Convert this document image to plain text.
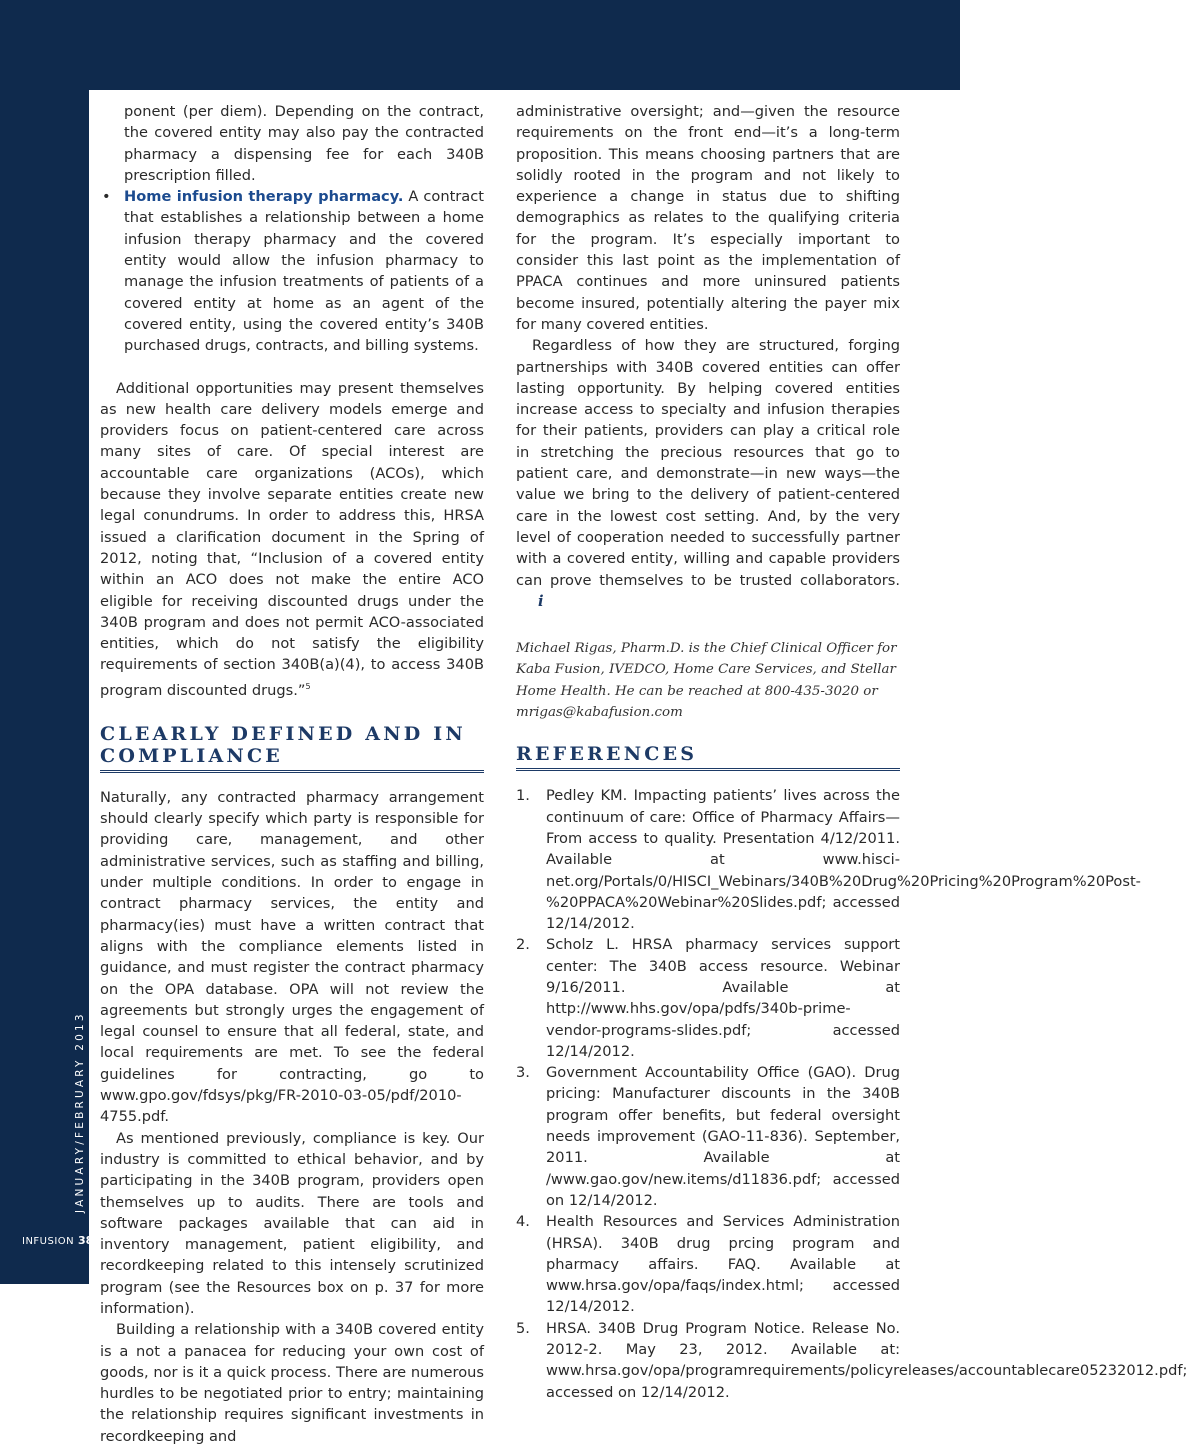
JANUARY/FEBRUARY 2013
INFUSION 38

ponent (per diem). Depending on the contract, the covered entity may also pay the contracted pharmacy a dispensing fee for each 340B prescription filled.

• Home infusion therapy pharmacy. A contract that establishes a relationship between a home infusion therapy pharmacy and the covered entity would allow the infusion pharmacy to manage the infusion treatments of patients of a covered entity at home as an agent of the covered entity, using the covered entity’s 340B purchased drugs, contracts, and billing systems.

Additional opportunities may present themselves as new health care delivery models emerge and providers focus on patient-centered care across many sites of care. Of special interest are accountable care organizations (ACOs), which because they involve separate entities create new legal conundrums. In order to address this, HRSA issued a clarification document in the Spring of 2012, noting that, “Inclusion of a covered entity within an ACO does not make the entire ACO eligible for receiving discounted drugs under the 340B program and does not permit ACO-associated entities, which do not satisfy the eligibility requirements of section 340B(a)(4), to access 340B program discounted drugs.”$^5$

CLEARLY DEFINED AND IN
COMPLIANCE

Naturally, any contracted pharmacy arrangement should clearly specify which party is responsible for providing care, management, and other administrative services, such as staffing and billing, under multiple conditions. In order to engage in contract pharmacy services, the entity and pharmacy(ies) must have a written contract that aligns with the compliance elements listed in guidance, and must register the contract pharmacy on the OPA database. OPA will not review the agreements but strongly urges the engagement of legal counsel to ensure that all federal, state, and local requirements are met. To see the federal guidelines for contracting, go to www.gpo.gov/fdsys/pkg/FR-2010-03-05/pdf/2010-4755.pdf.

As mentioned previously, compliance is key. Our industry is committed to ethical behavior, and by participating in the 340B program, providers open themselves up to audits. There are tools and software packages available that can aid in inventory management, patient eligibility, and recordkeeping related to this intensely scrutinized program (see the Resources box on p. 37 for more information).

Building a relationship with a 340B covered entity is a not a panacea for reducing your own cost of goods, nor is it a quick process. There are numerous hurdles to be negotiated prior to entry; maintaining the relationship requires significant investments in recordkeeping and

administrative oversight; and—given the resource requirements on the front end—it’s a long-term proposition. This means choosing partners that are solidly rooted in the program and not likely to experience a change in status due to shifting demographics as relates to the qualifying criteria for the program. It’s especially important to consider this last point as the implementation of PPACA continues and more uninsured patients become insured, potentially altering the payer mix for many covered entities.

Regardless of how they are structured, forging partnerships with 340B covered entities can offer lasting opportunity. By helping covered entities increase access to specialty and infusion therapies for their patients, providers can play a critical role in stretching the precious resources that go to patient care, and demonstrate—in new ways—the value we bring to the delivery of patient-centered care in the lowest cost setting. And, by the very level of cooperation needed to successfully partner with a covered entity, willing and capable providers can prove themselves to be trusted collaborators.i

Michael Rigas, Pharm.D. is the Chief Clinical Officer for Kaba Fusion, IVEDCO, Home Care Services, and Stellar Home Health. He can be reached at 800-435-3020 or mrigas@kabafusion.com

REFERENCES
1. Pedley KM. Impacting patients’ lives across the continuum of care: Office of Pharmacy Affairs—From access to quality. Presentation 4/12/2011. Available at www.hisci-net.org/Portals/0/HISCI_Webinars/340B%20Drug%20Pricing%20Program%20Post-%20PPACA%20Webinar%20Slides.pdf; accessed 12/14/2012.
2. Scholz L. HRSA pharmacy services support center: The 340B access resource. Webinar 9/16/2011. Available at http://www.hhs.gov/opa/pdfs/340b-prime-vendor-programs-slides.pdf; accessed 12/14/2012.
3. Government Accountability Office (GAO). Drug pricing: Manufacturer discounts in the 340B program offer benefits, but federal oversight needs improvement (GAO-11-836). September, 2011. Available at /www.gao.gov/new.items/d11836.pdf; accessed on 12/14/2012.
4. Health Resources and Services Administration (HRSA). 340B drug prcing program and pharmacy affairs. FAQ. Available at www.hrsa.gov/opa/faqs/index.html; accessed 12/14/2012.
5. HRSA. 340B Drug Program Notice. Release No. 2012-2. May 23, 2012. Available at: www.hrsa.gov/opa/programrequirements/policyreleases/accountablecare05232012.pdf; accessed on 12/14/2012.
